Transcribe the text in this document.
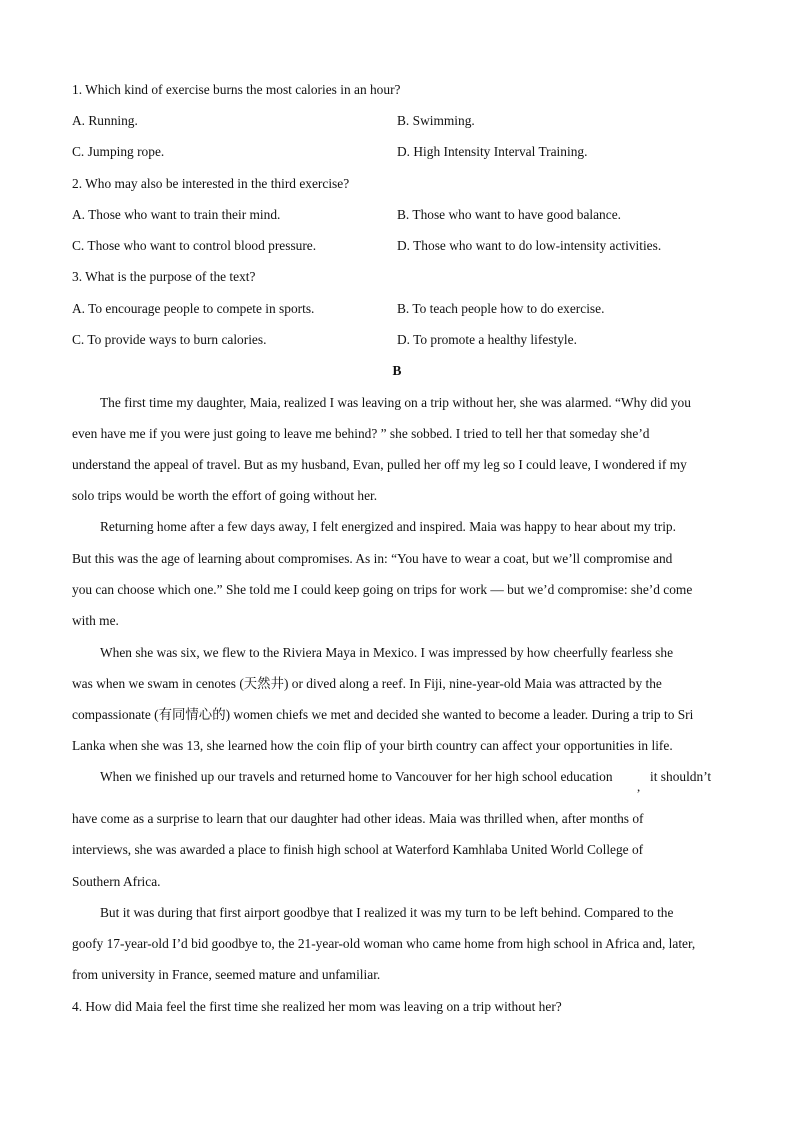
1. Which kind of exercise burns the most calories in an hour?
A. Running.	B. Swimming.
C. Jumping rope.	D. High Intensity Interval Training.
2. Who may also be interested in the third exercise?
A. Those who want to train their mind.	B. Those who want to have good balance.
C. Those who want to control blood pressure.	D. Those who want to do low-intensity activities.
3. What is the purpose of the text?
A. To encourage people to compete in sports.	B. To teach people how to do exercise.
C. To provide ways to burn calories.	D. To promote a healthy lifestyle.
B
The first time my daughter, Maia, realized I was leaving on a trip without her, she was alarmed. “Why did you
even have me if you were just going to leave me behind? ” she sobbed. I tried to tell her that someday she’d
understand the appeal of travel. But as my husband, Evan, pulled her off my leg so I could leave, I wondered if my
solo trips would be worth the effort of going without her.
Returning home after a few days away, I felt energized and inspired. Maia was happy to hear about my trip.
But this was the age of learning about compromises. As in: “You have to wear a coat, but we’ll compromise and
you can choose which one.” She told me I could keep going on trips for work — but we’d compromise: she’d come
with me.
When she was six, we flew to the Riviera Maya in Mexico. I was impressed by how cheerfully fearless she
was when we swam in cenotes (天然井) or dived along a reef. In Fiji, nine-year-old Maia was attracted by the
compassionate (有同情心的) women chiefs we met and decided she wanted to become a leader. During a trip to Sri
Lanka when she was 13, she learned how the coin flip of your birth country can affect your opportunities in life.
When we finished up our travels and returned home to Vancouver for her high school education
,
it shouldn’t
have come as a surprise to learn that our daughter had other ideas. Maia was thrilled when, after months of
interviews, she was awarded a place to finish high school at Waterford Kamhlaba United World College of
Southern Africa.
But it was during that first airport goodbye that I realized it was my turn to be left behind. Compared to the
goofy 17-year-old I’d bid goodbye to, the 21-year-old woman who came home from high school in Africa and, later,
from university in France, seemed mature and unfamiliar.
4. How did Maia feel the first time she realized her mom was leaving on a trip without her?
